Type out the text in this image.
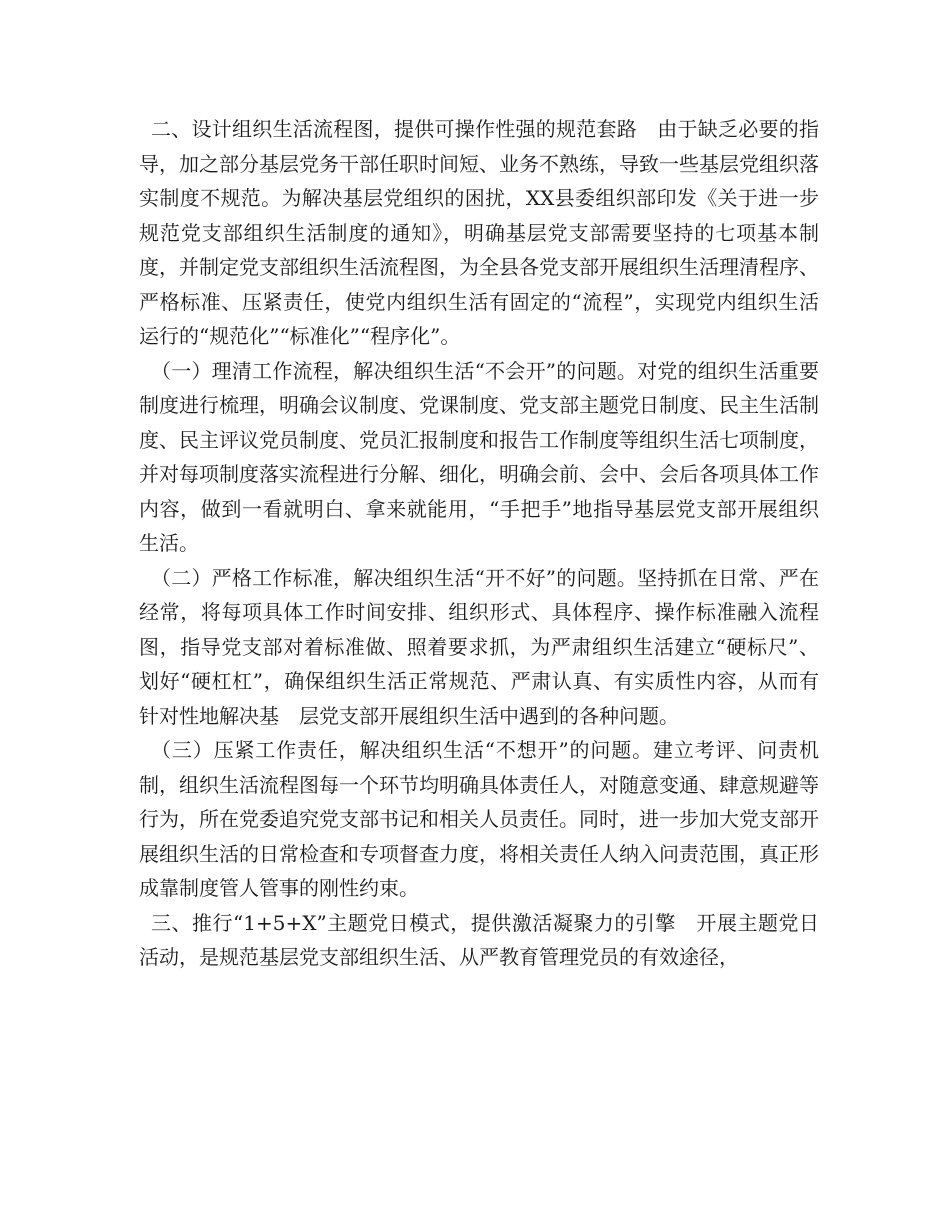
二、设计组织生活流程图，提供可操作性强的规范套路　由于缺乏必要的指导，加之部分基层党务干部任职时间短、业务不熟练，导致一些基层党组织落实制度不规范。为解决基层党组织的困扰，XX县委组织部印发《关于进一步规范党支部组织生活制度的通知》，明确基层党支部需要坚持的七项基本制度，并制定党支部组织生活流程图，为全县各党支部开展组织生活理清程序、严格标准、压紧责任，使党内组织生活有固定的“流程”，实现党内组织生活运行的“规范化”“标准化”“程序化”。

（一）理清工作流程，解决组织生活“不会开”的问题。对党的组织生活重要制度进行梳理，明确会议制度、党课制度、党支部主题党日制度、民主生活制度、民主评议党员制度、党员汇报制度和报告工作制度等组织生活七项制度，并对每项制度落实流程进行分解、细化，明确会前、会中、会后各项具体工作内容，做到一看就明白、拿来就能用，“手把手”地指导基层党支部开展组织生活。

（二）严格工作标准，解决组织生活“开不好”的问题。坚持抓在日常、严在经常，将每项具体工作时间安排、组织形式、具体程序、操作标准融入流程图，指导党支部对着标准做、照着要求抓，为严肃组织生活建立“硬标尺”、划好“硬杠杠”，确保组织生活正常规范、严肃认真、有实质性内容，从而有针对性地解决基　层党支部开展组织生活中遇到的各种问题。

（三）压紧工作责任，解决组织生活“不想开”的问题。建立考评、问责机制，组织生活流程图每一个环节均明确具体责任人，对随意变通、肆意规避等行为，所在党委追究党支部书记和相关人员责任。同时，进一步加大党支部开展组织生活的日常检查和专项督查力度，将相关责任人纳入问责范围，真正形成靠制度管人管事的刚性约束。

三、推行“1+5+X”主题党日模式，提供激活凝聚力的引擎　开展主题党日活动，是规范基层党支部组织生活、从严教育管理党员的有效途径，
